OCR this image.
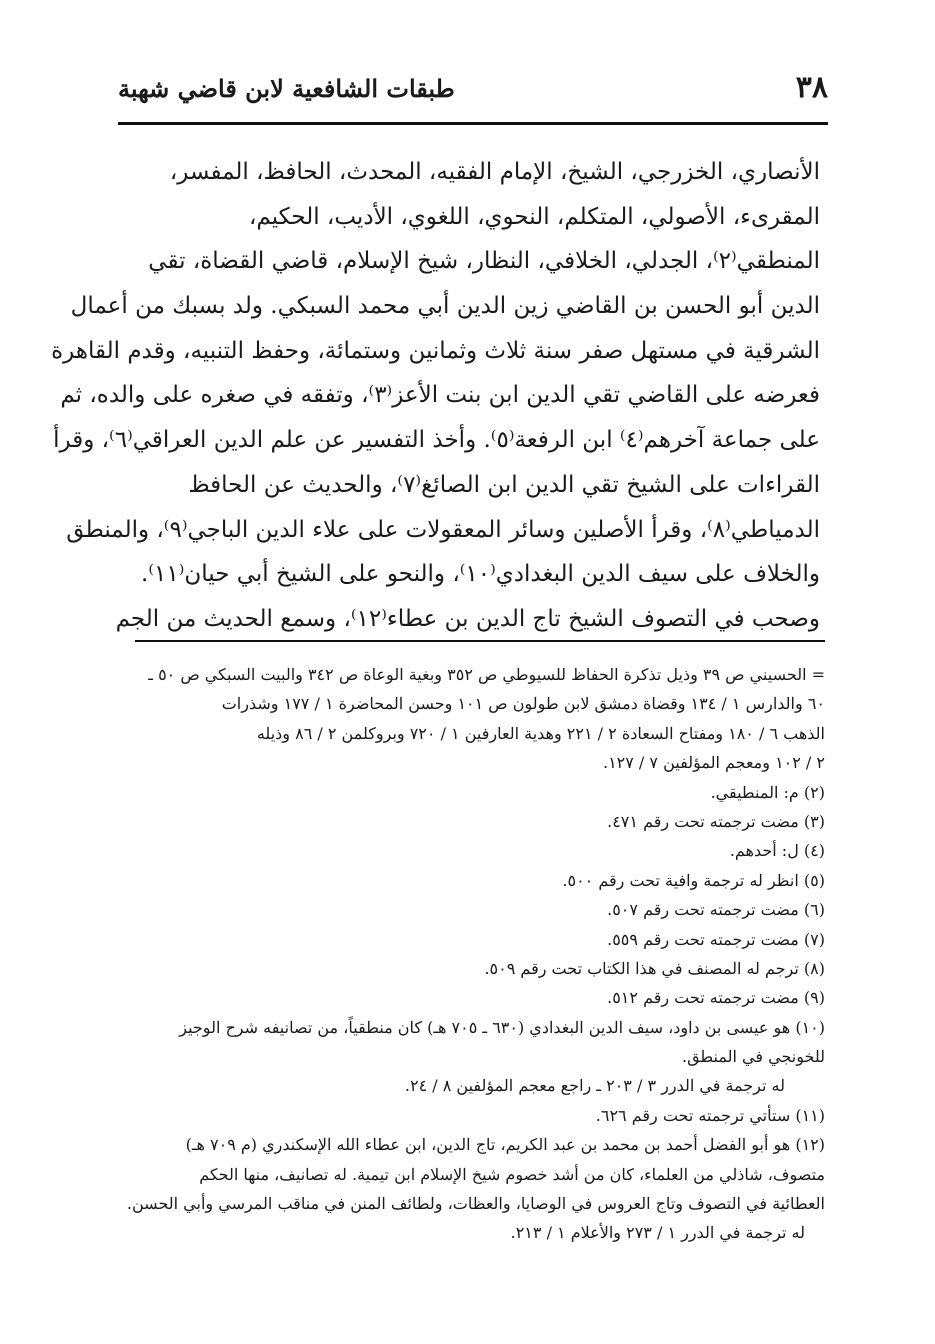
٣٨
طبقات الشافعية لابن قاضي شهبة
الأنصاري، الخزرجي، الشيخ، الإمام الفقيه، المحدث، الحافظ، المفسر،
المقرىء، الأصولي، المتكلم، النحوي، اللغوي، الأديب، الحكيم،
المنطقي⁽٢⁾، الجدلي، الخلافي، النظار، شيخ الإسلام، قاضي القضاة، تقي
الدين أبو الحسن بن القاضي زين الدين أبي محمد السبكي. ولد بسبك من أعمال
الشرقية في مستهل صفر سنة ثلاث وثمانين وستمائة، وحفظ التنبيه، وقدم القاهرة
فعرضه على القاضي تقي الدين ابن بنت الأعز⁽٣⁾، وتفقه في صغره على والده، ثم
على جماعة آخرهم⁽٤⁾ ابن الرفعة⁽٥⁾. وأخذ التفسير عن علم الدين العراقي⁽٦⁾، وقرأ
القراءات على الشيخ تقي الدين ابن الصائغ⁽٧⁾، والحديث عن الحافظ
الدمياطي⁽٨⁾، وقرأ الأصلين وسائر المعقولات على علاء الدين الباجي⁽٩⁾، والمنطق
والخلاف على سيف الدين البغدادي⁽١٠⁾، والنحو على الشيخ أبي حيان⁽١١⁾.
وصحب في التصوف الشيخ تاج الدين بن عطاء⁽١٢⁾، وسمع الحديث من الجم
= الحسيني ص ٣٩ وذيل تذكرة الحفاظ للسيوطي ص ٣٥٢ وبغية الوعاة ص ٣٤٢ والبيت السبكي ص ٥٠ ـ
٦٠ والدارس ١ / ١٣٤ وقضاة دمشق لابن طولون ص ١٠١ وحسن المحاضرة ١ / ١٧٧ وشذرات
الذهب ٦ / ١٨٠ ومفتاح السعادة ٢ / ٢٢١ وهدية العارفين ١ / ٧٢٠ وبروكلمن ٢ / ٨٦ وذيله
٢ / ١٠٢ ومعجم المؤلفين ٧ / ١٢٧.
(٢) م: المنطيقي.
(٣) مضت ترجمته تحت رقم ٤٧١.
(٤) ل: أحدهم.
(٥) انظر له ترجمة وافية تحت رقم ٥٠٠.
(٦) مضت ترجمته تحت رقم ٥٠٧.
(٧) مضت ترجمته تحت رقم ٥٥٩.
(٨) ترجم له المصنف في هذا الكتاب تحت رقم ٥٠٩.
(٩) مضت ترجمته تحت رقم ٥١٢.
(١٠) هو عيسى بن داود، سيف الدين البغدادي (٦٣٠ ـ ٧٠٥ هـ) كان منطقياً، من تصانيفه شرح الوجيز
للخونجي في المنطق.
له ترجمة في الدرر ٣ / ٢٠٣ ـ راجع معجم المؤلفين ٨ / ٢٤.
(١١) ستأتي ترجمته تحت رقم ٦٢٦.
(١٢) هو أبو الفضل أحمد بن محمد بن عبد الكريم، تاج الدين، ابن عطاء الله الإسكندري (م ٧٠٩ هـ)
متصوف، شاذلي من العلماء، كان من أشد خصوم شيخ الإسلام ابن تيمية. له تصانيف، منها الحكم
العطائية في التصوف وتاج العروس في الوصايا، والعظات، ولطائف المنن في مناقب المرسي وأبي الحسن.
له ترجمة في الدرر ١ / ٢٧٣ والأعلام ١ / ٢١٣.
